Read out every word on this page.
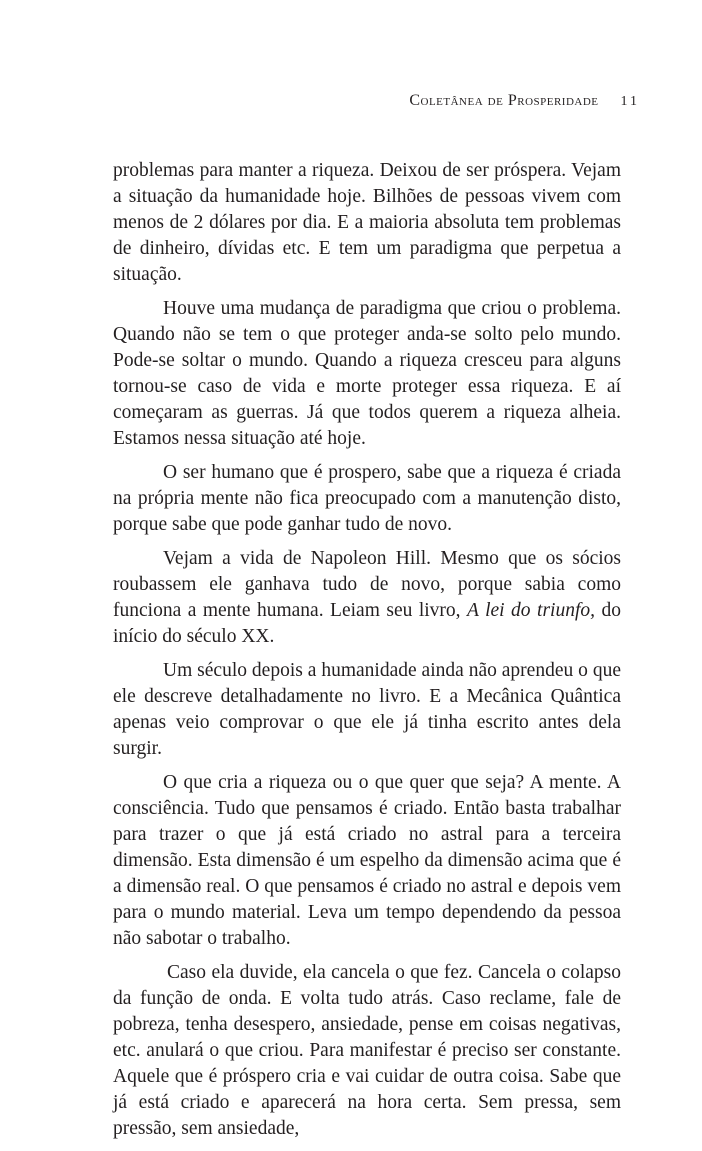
Coletânea de Prosperidade 11

problemas para manter a riqueza. Deixou de ser próspera. Vejam a situação da humanidade hoje. Bilhões de pessoas vivem com menos de 2 dólares por dia. E a maioria absoluta tem problemas de dinheiro, dívidas etc. E tem um paradigma que perpetua a situação.

Houve uma mudança de paradigma que criou o problema. Quando não se tem o que proteger anda-se solto pelo mundo. Pode-se soltar o mundo. Quando a riqueza cresceu para alguns tornou-se caso de vida e morte proteger essa riqueza. E aí começaram as guerras. Já que todos querem a riqueza alheia. Estamos nessa situação até hoje.

O ser humano que é prospero, sabe que a riqueza é criada na própria mente não fica preocupado com a manutenção disto, porque sabe que pode ganhar tudo de novo.

Vejam a vida de Napoleon Hill. Mesmo que os sócios roubassem ele ganhava tudo de novo, porque sabia como funciona a mente humana. Leiam seu livro, A lei do triunfo, do início do século XX.

Um século depois a humanidade ainda não aprendeu o que ele descreve detalhadamente no livro. E a Mecânica Quântica apenas veio comprovar o que ele já tinha escrito antes dela surgir.

O que cria a riqueza ou o que quer que seja? A mente. A consciência. Tudo que pensamos é criado. Então basta trabalhar para trazer o que já está criado no astral para a terceira dimensão. Esta dimensão é um espelho da dimensão acima que é a dimensão real. O que pensamos é criado no astral e depois vem para o mundo material. Leva um tempo dependendo da pessoa não sabotar o trabalho.

Caso ela duvide, ela cancela o que fez. Cancela o colapso da função de onda. E volta tudo atrás. Caso reclame, fale de pobreza, tenha desespero, ansiedade, pense em coisas negativas, etc. anulará o que criou. Para manifestar é preciso ser constante. Aquele que é próspero cria e vai cuidar de outra coisa. Sabe que já está criado e aparecerá na hora certa. Sem pressa, sem pressão, sem ansiedade,
